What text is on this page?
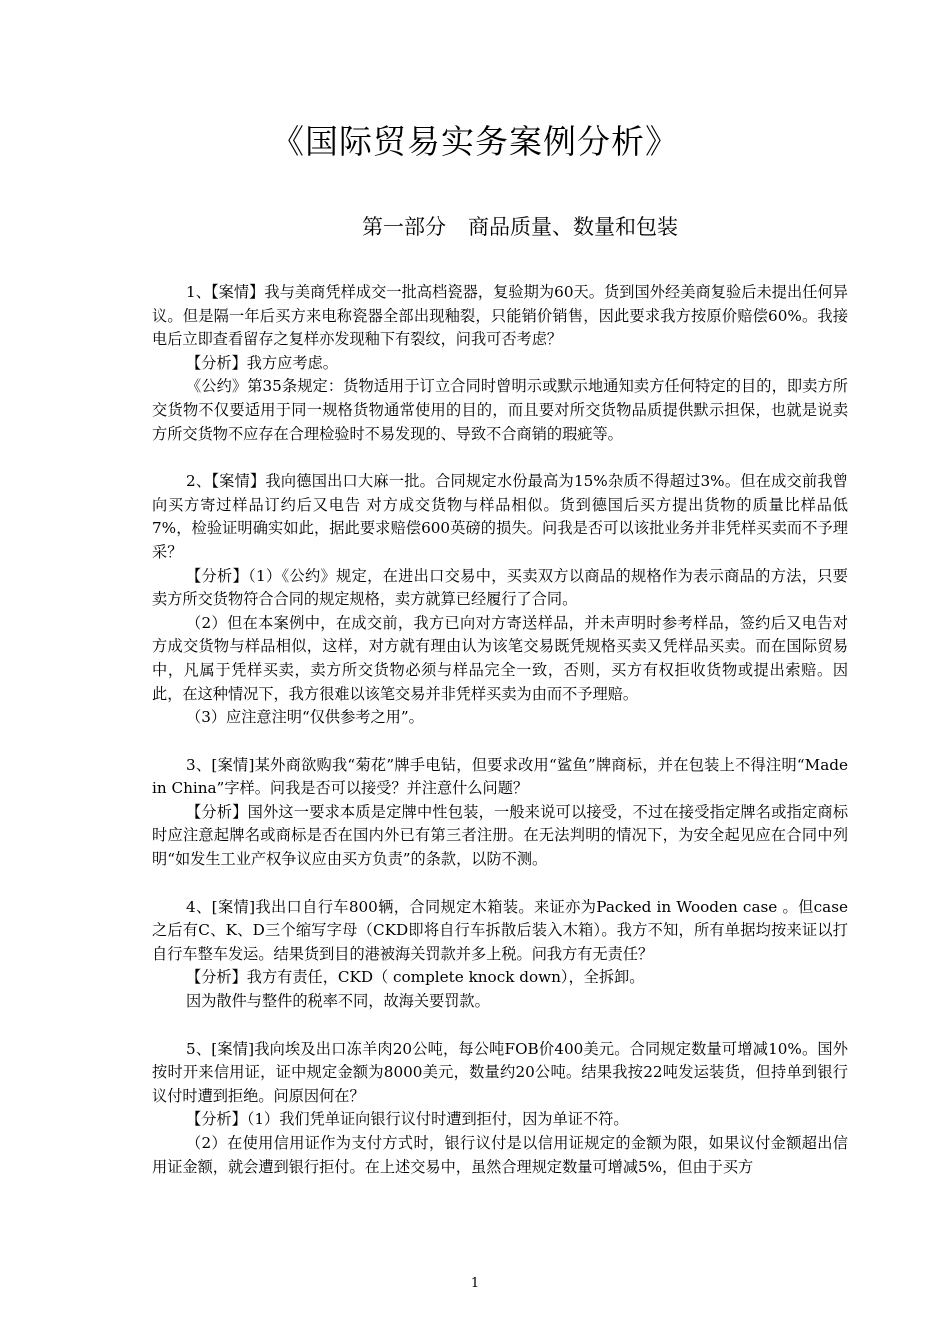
《国际贸易实务案例分析》
第一部分 商品质量、数量和包装

1、【案情】我与美商凭样成交一批高档瓷器，复验期为60天。货到国外经美商复验后未提出任何异议。但是隔一年后买方来电称瓷器全部出现釉裂，只能销价销售，因此要求我方按原价赔偿60%。我接电后立即查看留存之复样亦发现釉下有裂纹，问我可否考虑？

【分析】我方应考虑。

《公约》第35条规定：货物适用于订立合同时曾明示或默示地通知卖方任何特定的目的，即卖方所交货物不仅要适用于同一规格货物通常使用的目的，而且要对所交货物品质提供默示担保，也就是说卖方所交货物不应存在合理检验时不易发现的、导致不合商销的瑕疵等。

2、【案情】我向德国出口大麻一批。合同规定水份最高为15%杂质不得超过3%。但在成交前我曾向买方寄过样品订约后又电告 对方成交货物与样品相似。货到德国后买方提出货物的质量比样品低7%，检验证明确实如此，据此要求赔偿600英磅的损失。问我是否可以该批业务并非凭样买卖而不予理采？

【分析】（1）《公约》规定，在进出口交易中，买卖双方以商品的规格作为表示商品的方法，只要卖方所交货物符合合同的规定规格，卖方就算已经履行了合同。

（2）但在本案例中，在成交前，我方已向对方寄送样品，并未声明时参考样品，签约后又电告对方成交货物与样品相似，这样，对方就有理由认为该笔交易既凭规格买卖又凭样品买卖。而在国际贸易中，凡属于凭样买卖，卖方所交货物必须与样品完全一致，否则，买方有权拒收货物或提出索赔。因此，在这种情况下，我方很难以该笔交易并非凭样买卖为由而不予理赔。

（3）应注意注明“仅供参考之用”。

3、[案情]某外商欲购我“菊花”牌手电钻，但要求改用“鲨鱼”牌商标，并在包装上不得注明“Made in China”字样。问我是否可以接受？并注意什么问题？

【分析】国外这一要求本质是定牌中性包装，一般来说可以接受，不过在接受指定牌名或指定商标时应注意起牌名或商标是否在国内外已有第三者注册。在无法判明的情况下，为安全起见应在合同中列明“如发生工业产权争议应由买方负责”的条款，以防不测。

4、[案情]我出口自行车800辆，合同规定木箱装。来证亦为Packed in Wooden case 。但case之后有C、K、D三个缩写字母（CKD即将自行车拆散后装入木箱）。我方不知，所有单据均按来证以打自行车整车发运。结果货到目的港被海关罚款并多上税。问我方有无责任？

【分析】我方有责任，CKD（ complete knock down），全拆卸。

因为散件与整件的税率不同，故海关要罚款。

5、[案情]我向埃及出口冻羊肉20公吨，每公吨FOB价400美元。合同规定数量可增减10%。国外按时开来信用证，证中规定金额为8000美元，数量约20公吨。结果我按22吨发运装货，但持单到银行议付时遭到拒绝。问原因何在？

【分析】（1）我们凭单证向银行议付时遭到拒付，因为单证不符。

（2）在使用信用证作为支付方式时，银行议付是以信用证规定的金额为限，如果议付金额超出信用证金额，就会遭到银行拒付。在上述交易中，虽然合理规定数量可增减5%，但由于买方

1
